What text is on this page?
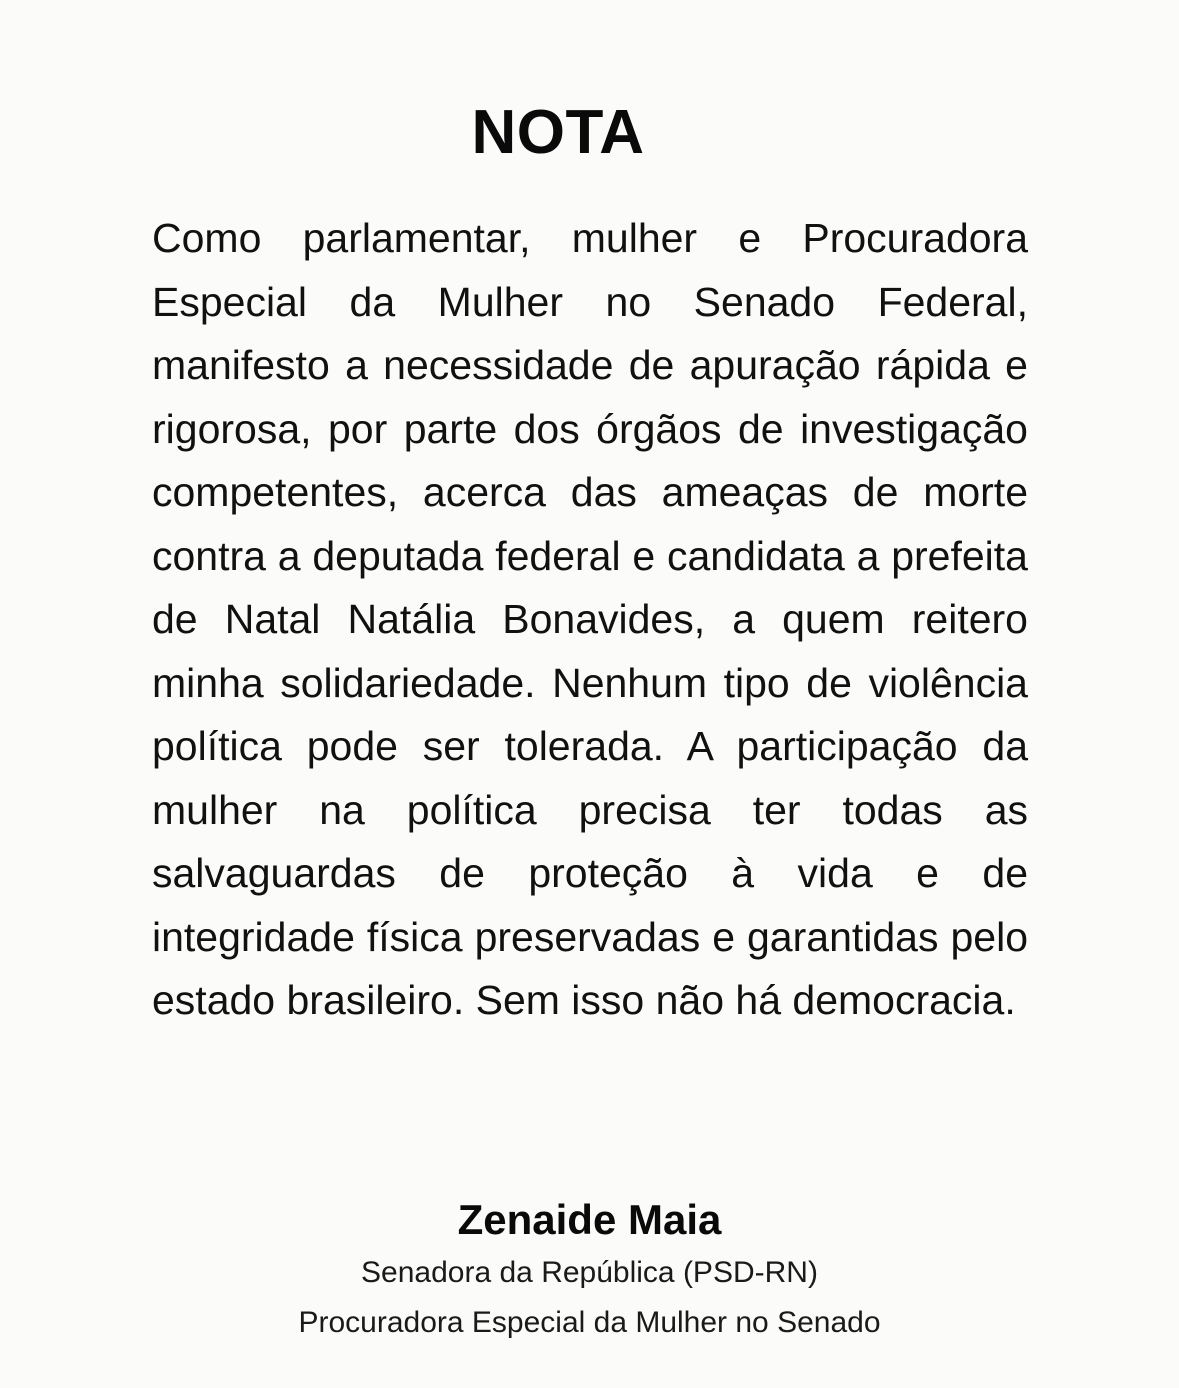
NOTA

Como parlamentar, mulher e Procuradora Especial da Mulher no Senado Federal, manifesto a necessidade de apuração rápida e rigorosa, por parte dos órgãos de investigação competentes, acerca das ameaças de morte contra a deputada federal e candidata a prefeita de Natal Natália Bonavides, a quem reitero minha solidariedade. Nenhum tipo de violência política pode ser tolerada. A participação da mulher na política precisa ter todas as salvaguardas de proteção à vida e de integridade física preservadas e garantidas pelo estado brasileiro. Sem isso não há democracia.

Zenaide Maia
Senadora da República (PSD-RN)
Procuradora Especial da Mulher no Senado
